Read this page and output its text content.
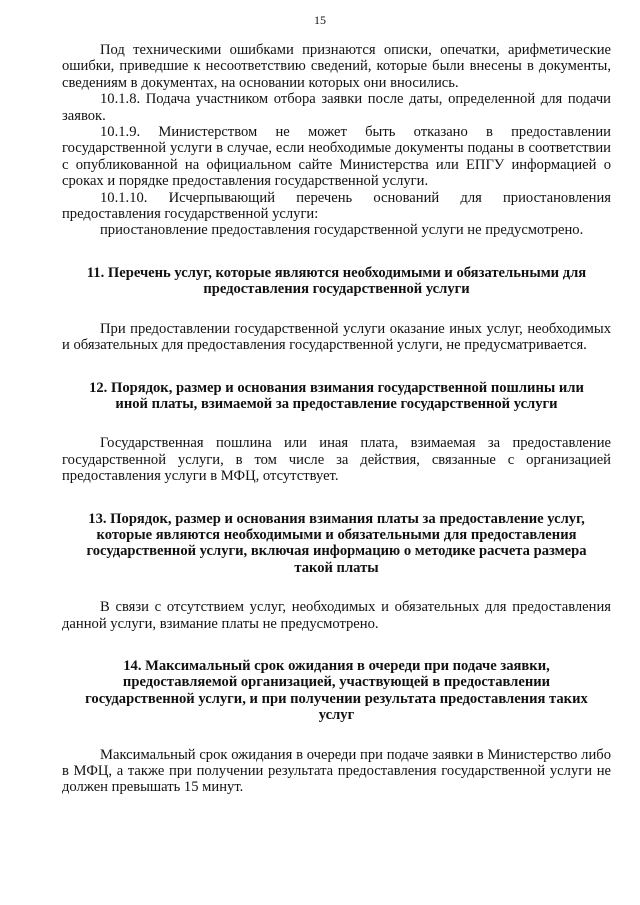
15

Под техническими ошибками признаются описки, опечатки, арифметические ошибки, приведшие к несоответствию сведений, которые были внесены в документы, сведениям в документах, на основании которых они вносились.

10.1.8. Подача участником отбора заявки после даты, определенной для подачи заявок.

10.1.9. Министерством не может быть отказано в предоставлении государственной услуги в случае, если необходимые документы поданы в соответствии с опубликованной на официальном сайте Министерства или ЕПГУ информацией о сроках и порядке предоставления государственной услуги.

10.1.10. Исчерпывающий перечень оснований для приостановления предоставления государственной услуги:

приостановление предоставления государственной услуги не предусмотрено.

11. Перечень услуг, которые являются необходимыми и обязательными для предоставления государственной услуги

При предоставлении государственной услуги оказание иных услуг, необходимых и обязательных для предоставления государственной услуги, не предусматривается.

12. Порядок, размер и основания взимания государственной пошлины или иной платы, взимаемой за предоставление государственной услуги

Государственная пошлина или иная плата, взимаемая за предоставление государственной услуги, в том числе за действия, связанные с организацией предоставления услуги в МФЦ, отсутствует.

13. Порядок, размер и основания взимания платы за предоставление услуг, которые являются необходимыми и обязательными для предоставления государственной услуги, включая информацию о методике расчета размера такой платы

В связи с отсутствием услуг, необходимых и обязательных для предоставления данной услуги, взимание платы не предусмотрено.

14. Максимальный срок ожидания в очереди при подаче заявки, предоставляемой организацией, участвующей в предоставлении государственной услуги, и при получении результата предоставления таких услуг

Максимальный срок ожидания в очереди при подаче заявки в Министерство либо в МФЦ, а также при получении результата предоставления государственной услуги не должен превышать 15 минут.
